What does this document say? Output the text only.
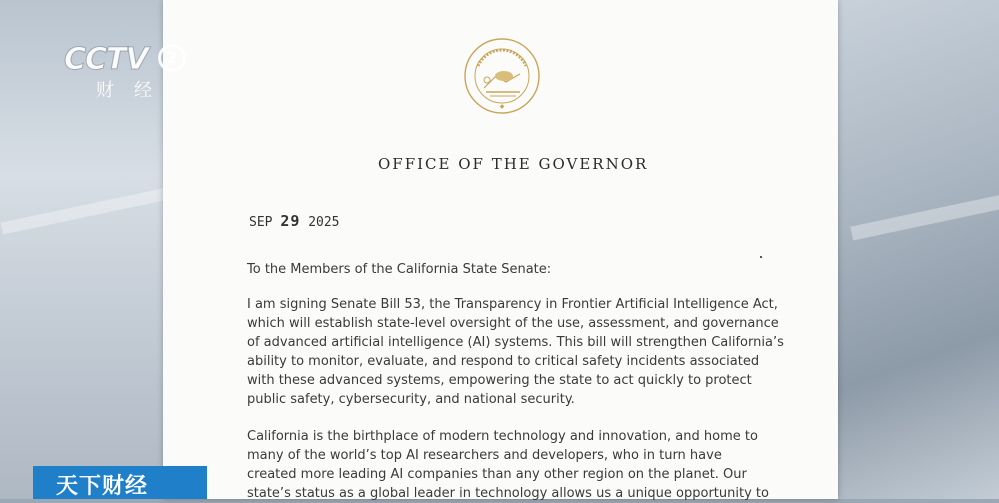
◆
OFFICE OF THE GOVERNOR
SEP 29 2025
To the Members of the California State Senate:
I am signing Senate Bill 53, the Transparency in Frontier Artificial Intelligence Act,
which will establish state-level oversight of the use, assessment, and governance
of advanced artificial intelligence (AI) systems. This bill will strengthen California’s
ability to monitor, evaluate, and respond to critical safety incidents associated
with these advanced systems, empowering the state to act quickly to protect
public safety, cybersecurity, and national security.
California is the birthplace of modern technology and innovation, and home to
many of the world’s top AI researchers and developers, who in turn have
created more leading AI companies than any other region on the planet. Our
state’s status as a global leader in technology allows us a unique opportunity to
CCTV	2
财经
天下财经
